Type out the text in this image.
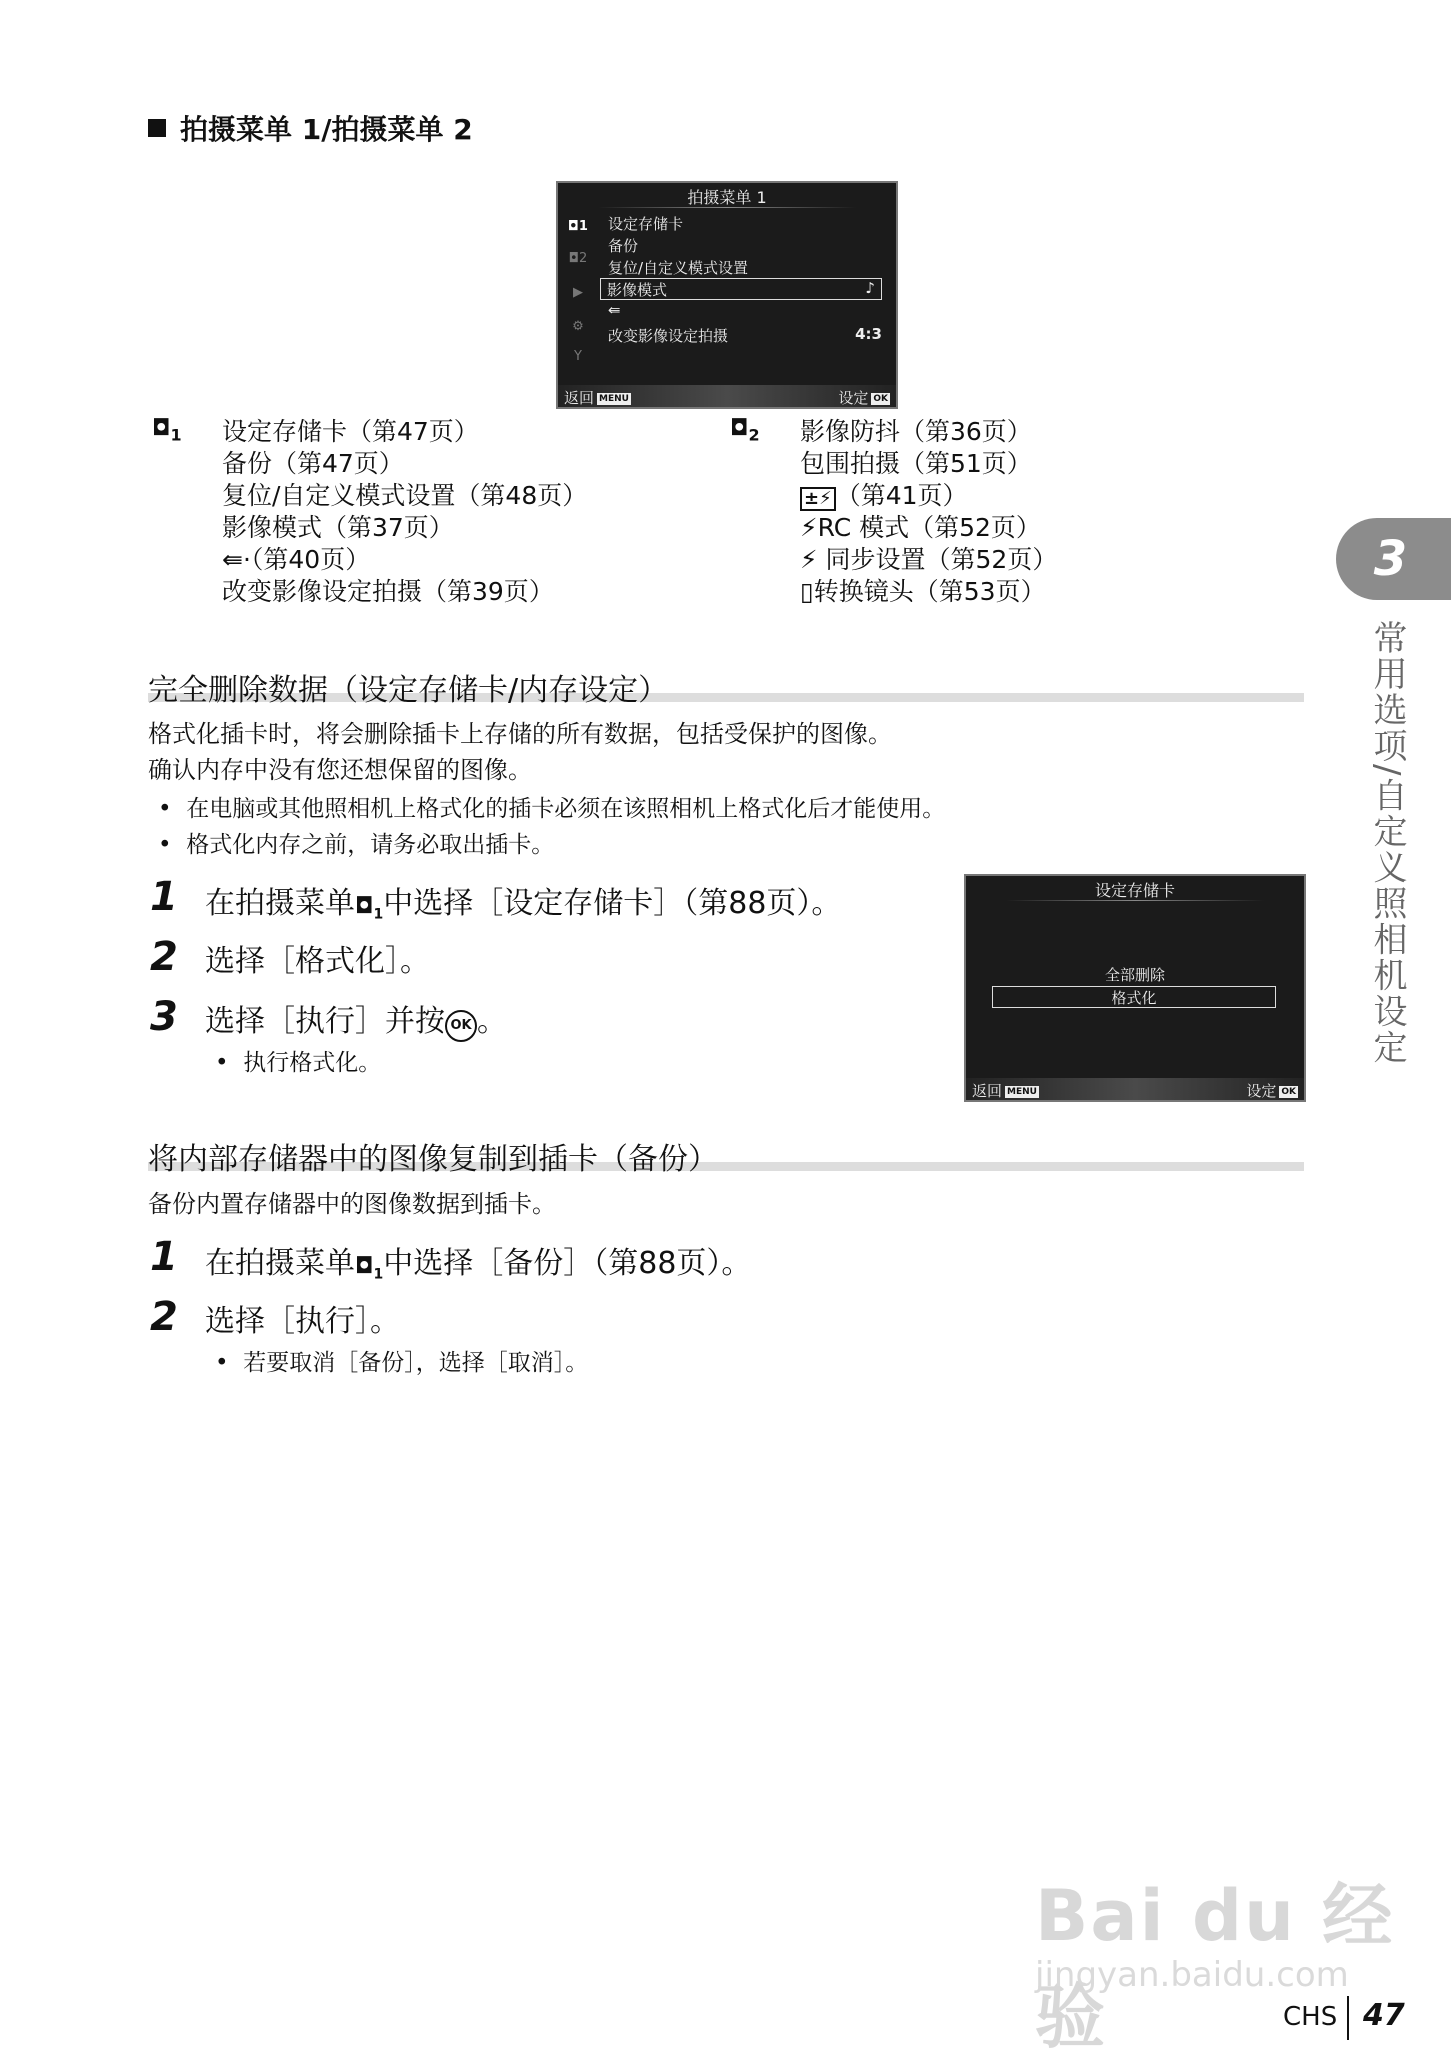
拍摄菜单 1/拍摄菜单 2
拍摄菜单 1
◘1
◘2
▶
⚙
Y
设定存储卡
备份
复位/自定义模式设置
影像模式	♪
⇚
改变影像设定拍摄	4:3
返回 MENU	设定 OK
$◘_1$ 设定存储卡（第47页）
备份（第47页）
复位/自定义模式设置（第48页）
影像模式（第37页）
⇚·（第40页）
改变影像设定拍摄（第39页）
$◘_2$ 影像防抖（第36页）
包围拍摄（第51页）
±⚡ （第41页）
⚡RC 模式（第52页）
⚡ 同步设置（第52页）
▯转换镜头（第53页）
完全删除数据（设定存储卡/内存设定）
格式化插卡时，将会删除插卡上存储的所有数据，包括受保护的图像。
确认内存中没有您还想保留的图像。
•  在电脑或其他照相机上格式化的插卡必须在该照相机上格式化后才能使用。
•  格式化内存之前，请务必取出插卡。
1 在拍摄菜单$◘_1$中选择［设定存储卡］（第88页）。
2 选择［格式化］。
3 选择［执行］并按 OK 。
•  执行格式化。
设定存储卡
全部删除
格式化
返回 MENU	设定 OK
将内部存储器中的图像复制到插卡（备份）
备份内置存储器中的图像数据到插卡。
1 在拍摄菜单$◘_1$中选择［备份］（第88页）。
2 选择［执行］。
•  若要取消［备份］，选择［取消］。
3
常用选项/自定义照相机设定
Bai du 经验
jingyan.baidu.com
CHS 47
